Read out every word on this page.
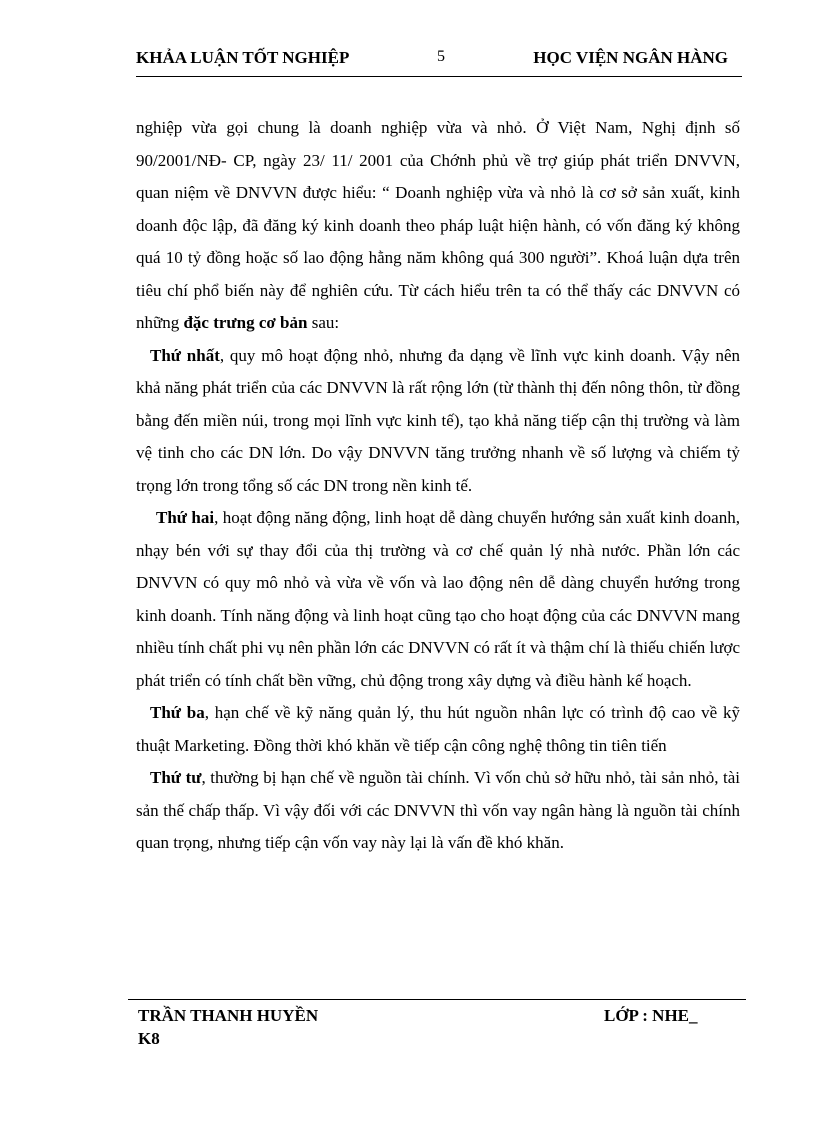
KHẢA LUẬN TỐT NGHIỆP	5	HỌC VIỆN NGÂN HÀNG

nghiệp vừa gọi chung là doanh nghiệp vừa và nhỏ. Ở Việt Nam, Nghị định số 90/2001/NĐ- CP, ngày 23/ 11/ 2001 của Chớnh phủ về trợ giúp phát triển DNVVN, quan niệm về DNVVN được hiểu: “ Doanh nghiệp vừa và nhỏ là cơ sở sản xuất, kinh doanh độc lập, đã đăng ký kinh doanh theo pháp luật hiện hành, có vốn đăng ký không quá 10 tỷ đồng hoặc số lao động hằng năm không quá 300 người”. Khoá luận dựa trên tiêu chí phổ biến này để nghiên cứu. Từ cách hiểu trên ta có thể thấy các DNVVN có những đặc trưng cơ bản sau:

Thứ nhất, quy mô hoạt động nhỏ, nhưng đa dạng về lĩnh vực kinh doanh. Vậy nên khả năng phát triển của các DNVVN là rất rộng lớn (từ thành thị đến nông thôn, từ đồng bằng đến miền núi, trong mọi lĩnh vực kinh tế), tạo khả năng tiếp cận thị trường và làm vệ tinh cho các DN lớn. Do vậy DNVVN tăng trưởng nhanh về số lượng và chiếm tỷ trọng lớn trong tổng số các DN trong nền kinh tế.

Thứ hai, hoạt động năng động, linh hoạt dễ dàng chuyển hướng sản xuất kinh doanh, nhạy bén với sự thay đổi của thị trường và cơ chế quản lý nhà nước. Phần lớn các DNVVN có quy mô nhỏ và vừa về vốn và lao động nên dễ dàng chuyển hướng trong kinh doanh. Tính năng động và linh hoạt cũng tạo cho hoạt động của các DNVVN mang nhiều tính chất phi vụ nên phần lớn các DNVVN có rất ít và thậm chí là thiếu chiến lược phát triển có tính chất bền vững, chủ động trong xây dựng và điều hành kế hoạch.

Thứ ba, hạn chế về kỹ năng quản lý, thu hút nguồn nhân lực có trình độ cao về kỹ thuật Marketing. Đồng thời khó khăn về tiếp cận công nghệ thông tin tiên tiến

Thứ tư, thường bị hạn chế về nguồn tài chính. Vì vốn chủ sở hữu nhỏ, tài sản nhỏ, tài sản thế chấp thấp. Vì vậy đối với các DNVVN thì vốn vay ngân hàng là nguồn tài chính quan trọng, nhưng tiếp cận vốn vay này lại là vấn đề khó khăn.

TRẦN THANH HUYỀN	LỚP : NHE_
K8
